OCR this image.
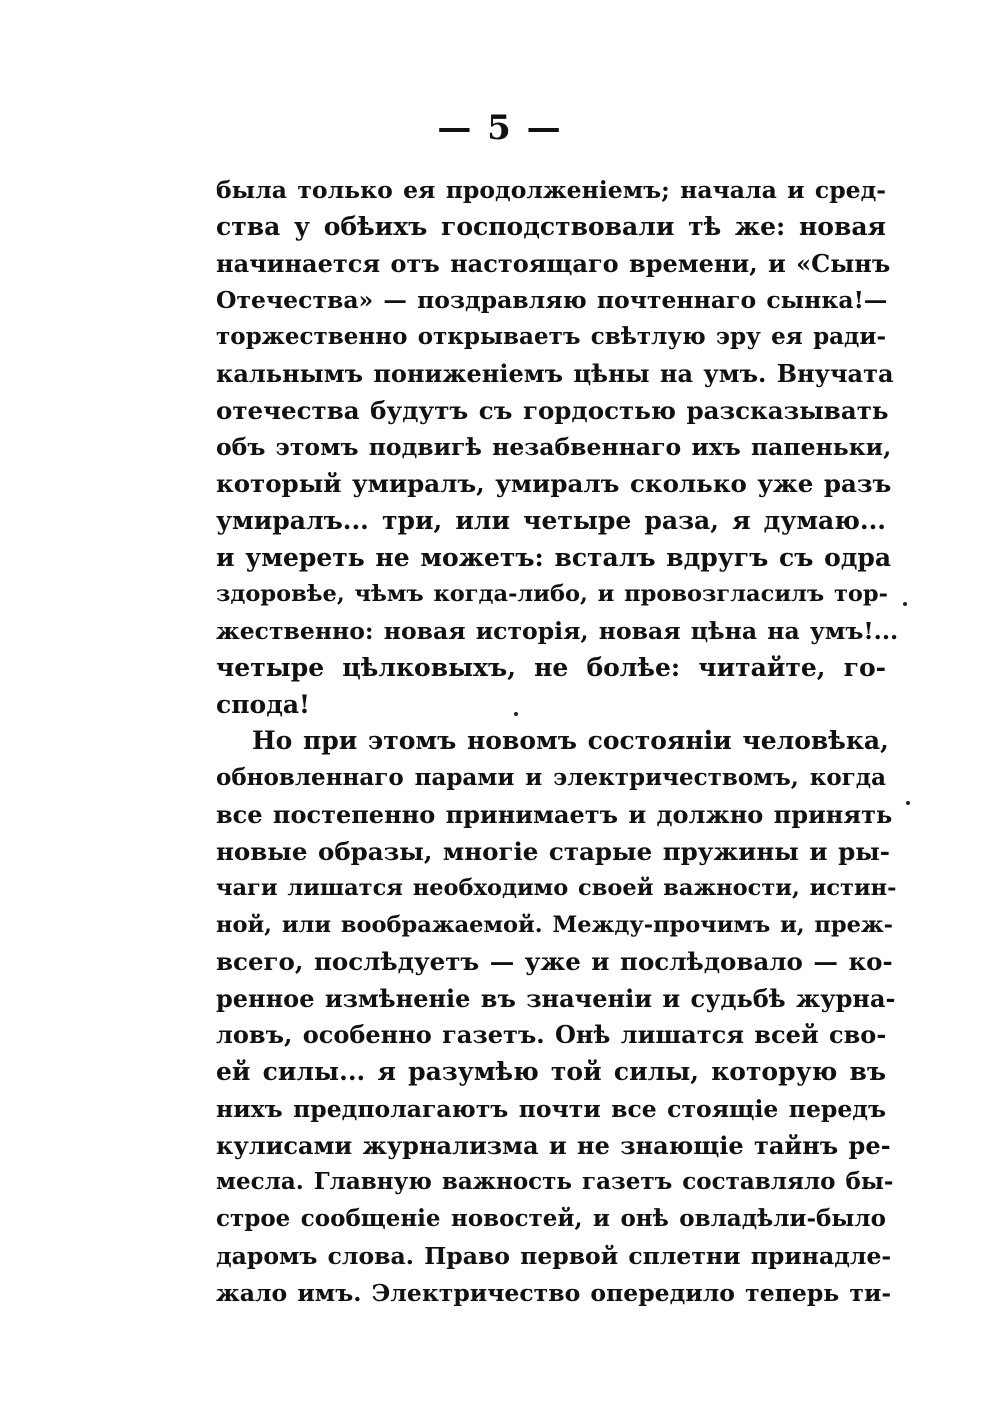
— 5 —
была только ея продолженіемъ; начала и сред-
ства у обѣихъ господствовали тѣ же: новая
начинается отъ настоящаго времени, и «Сынъ
Отечества» — поздравляю почтеннаго сынка!—
торжественно открываетъ свѣтлую эру ея ради-
кальнымъ пониженіемъ цѣны на умъ. Внучата
отечества будутъ съ гордостью разсказывать
объ этомъ подвигѣ незабвеннаго ихъ папеньки,
который умиралъ, умиралъ сколько уже разъ
умиралъ... три, или четыре раза, я думаю...
и умереть не можетъ: всталъ вдругъ съ одра
здоровѣе, чѣмъ когда-либо, и провозгласилъ тор-
жественно: новая исторія, новая цѣна на умъ!...
четыре цѣлковыхъ, не болѣе: читайте, го-
спода!
Но при этомъ новомъ состояніи человѣка,
обновленнаго парами и электричествомъ, когда
все постепенно принимаетъ и должно принять
новые образы, многіе старые пружины и ры-
чаги лишатся необходимо своей важности, истин-
ной, или воображаемой. Между-прочимъ и, преж-
всего, послѣдуетъ — уже и послѣдовало — ко-
ренное измѣненіе въ значеніи и судьбѣ журна-
ловъ, особенно газетъ. Онѣ лишатся всей сво-
ей силы... я разумѣю той силы, которую въ
нихъ предполагаютъ почти все стоящіе передъ
кулисами журнализма и не знающіе тайнъ ре-
месла. Главную важность газетъ составляло бы-
строе сообщеніе новостей, и онѣ овладѣли-было
даромъ слова. Право первой сплетни принадле-
жало имъ. Электричество опередило теперь ти-
